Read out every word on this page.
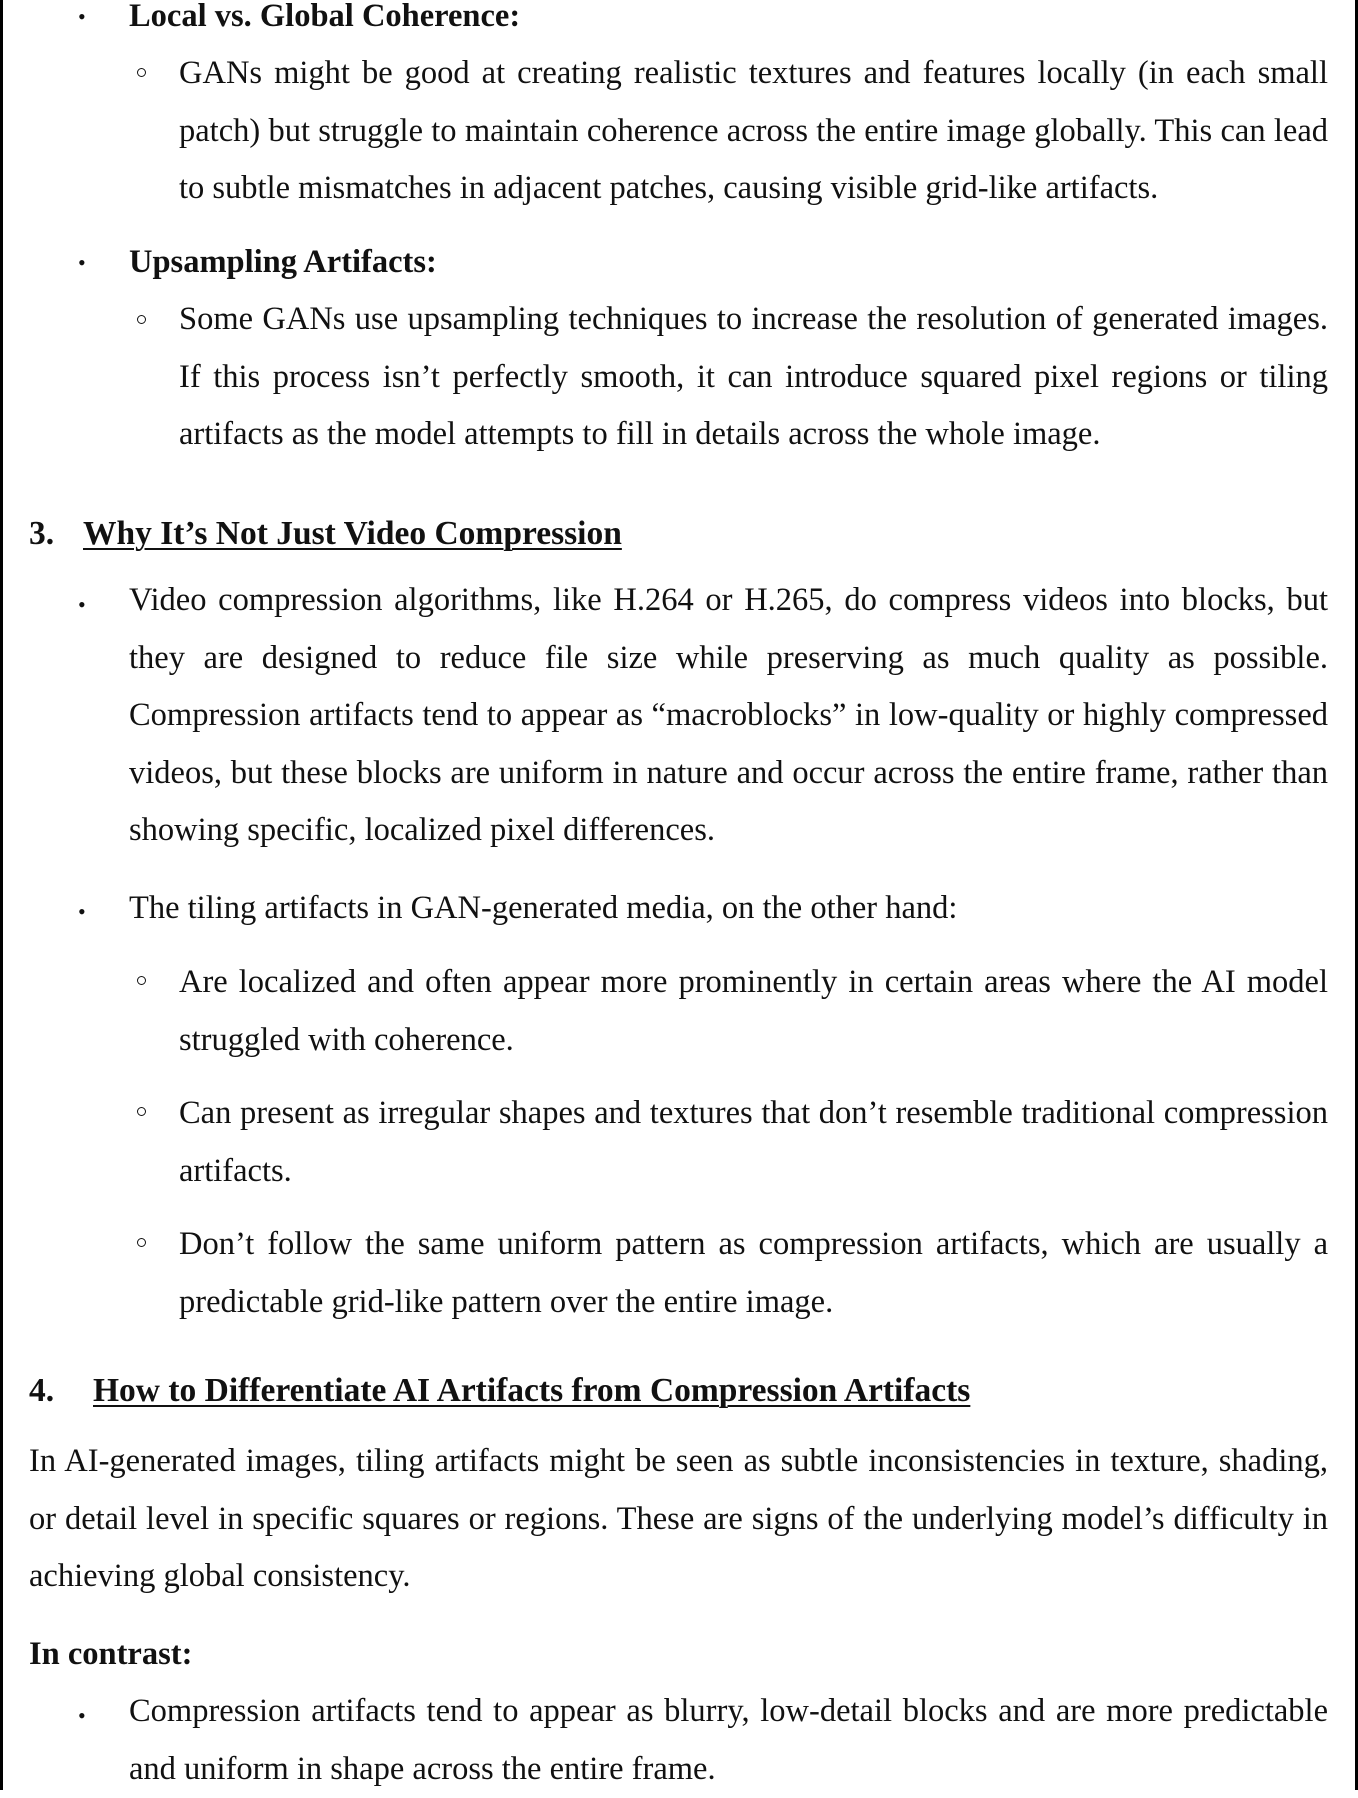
• Local vs. Global Coherence:

GANs might be good at creating realistic textures and features locally (in each small patch) but struggle to maintain coherence across the entire image globally. This can lead to subtle mismatches in adjacent patches, causing visible grid-like artifacts.

• Upsampling Artifacts:

Some GANs use upsampling techniques to increase the resolution of generated images. If this process isn’t perfectly smooth, it can introduce squared pixel regions or tiling artifacts as the model attempts to fill in details across the whole image.

3. Why It’s Not Just Video Compression
• Video compression algorithms, like H.264 or H.265, do compress videos into blocks, but they are designed to reduce file size while preserving as much quality as possible. Compression artifacts tend to appear as “macroblocks” in low-quality or highly compressed videos, but these blocks are uniform in nature and occur across the entire frame, rather than showing specific, localized pixel differences.

• The tiling artifacts in GAN-generated media, on the other hand:

Are localized and often appear more prominently in certain areas where the AI model struggled with coherence.

Can present as irregular shapes and textures that don’t resemble traditional compression artifacts.

Don’t follow the same uniform pattern as compression artifacts, which are usually a predictable grid-like pattern over the entire image.

4. How to Differentiate AI Artifacts from Compression Artifacts

In AI-generated images, tiling artifacts might be seen as subtle inconsistencies in texture, shading, or detail level in specific squares or regions. These are signs of the underlying model’s difficulty in achieving global consistency.

In contrast:

• Compression artifacts tend to appear as blurry, low-detail blocks and are more predictable and uniform in shape across the entire frame.
